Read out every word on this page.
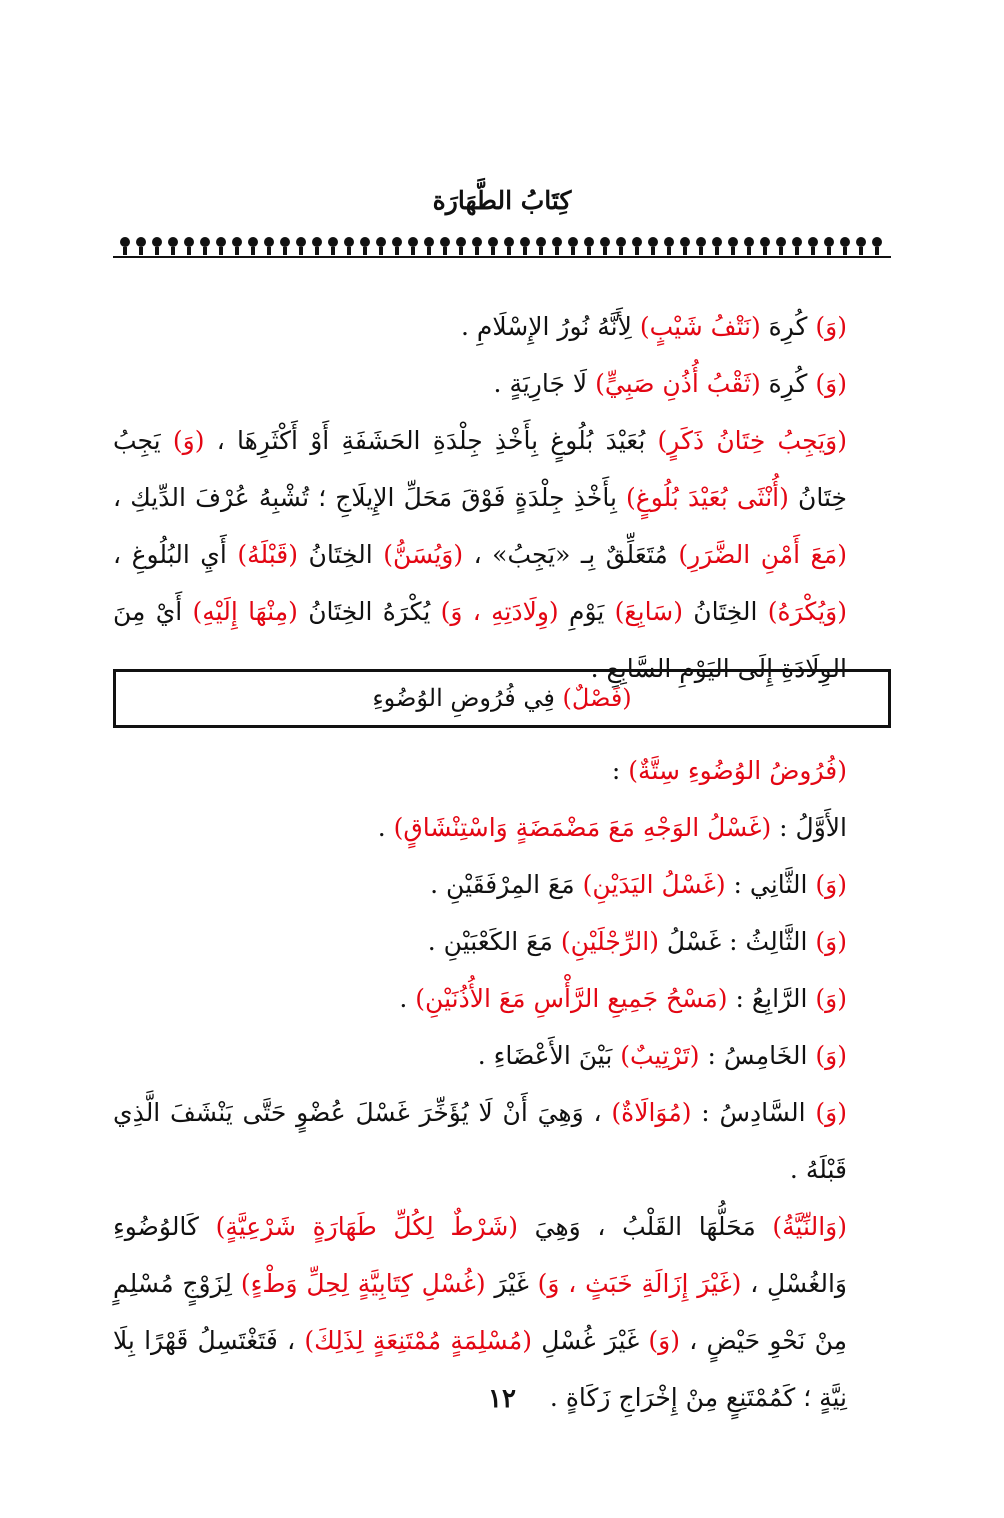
كِتَابُ الطَّهَارَة
(وَ) كُرِهَ (نَتْفُ شَيْبٍ) لِأَنَّهُ نُورُ الإِسْلَامِ .
(وَ) كُرِهَ (ثَقْبُ أُذُنِ صَبِيٍّ) لَا جَارِيَةٍ .
(وَيَجِبُ خِتَانُ ذَكَرٍ) بُعَيْدَ بُلُوغٍ بِأَخْذِ جِلْدَةِ الحَشَفَةِ أَوْ أَكْثَرِهَا ، (وَ) يَجِبُ خِتَانُ (أُنْثَى بُعَيْدَ بُلُوغٍ) بِأَخْذِ جِلْدَةٍ فَوْقَ مَحَلِّ الإِيلَاجِ ؛ تُشْبِهُ عُرْفَ الدِّيكِ ، (مَعَ أَمْنِ الضَّرَرِ) مُتَعَلِّقٌ بِـ «يَجِبُ» ، (وَيُسَنُّ) الخِتَانُ (قَبْلَهُ) أَيِ البُلُوغِ ، (وَيُكْرَهُ) الخِتَانُ (سَابِعَ) يَوْمِ (وِلَادَتِهِ ، وَ) يُكْرَهُ الخِتَانُ (مِنْهَا إِلَيْهِ) أَيْ مِنَ الوِلَادَةِ إِلَى اليَوْمِ السَّابِعِ .
(فَصْلٌ) فِي فُرُوضِ الوُضُوءِ
(فُرُوضُ الوُضُوءِ سِتَّةٌ) :
الأَوَّلُ : (غَسْلُ الوَجْهِ مَعَ مَضْمَضَةٍ وَاسْتِنْشَاقٍ) .
(وَ) الثَّانِي : (غَسْلُ اليَدَيْنِ) مَعَ المِرْفَقَيْنِ .
(وَ) الثَّالِثُ : غَسْلُ (الرِّجْلَيْنِ) مَعَ الكَعْبَيْنِ .
(وَ) الرَّابِعُ : (مَسْحُ جَمِيعِ الرَّأْسِ مَعَ الأُذُنَيْنِ) .
(وَ) الخَامِسُ : (تَرْتِيبٌ) بَيْنَ الأَعْضَاءِ .
(وَ) السَّادِسُ : (مُوَالَاةٌ) ، وَهِيَ أَنْ لَا يُؤَخِّرَ غَسْلَ عُضْوٍ حَتَّى يَنْشَفَ الَّذِي قَبْلَهُ .
(وَالنِّيَّةُ) مَحَلُّهَا القَلْبُ ، وَهِيَ (شَرْطٌ لِكُلِّ طَهَارَةٍ شَرْعِيَّةٍ) كَالوُضُوءِ وَالغُسْلِ ، (غَيْرَ إِزَالَةِ خَبَثٍ ، وَ) غَيْرَ (غُسْلِ كِتَابِيَّةٍ لِحِلِّ وَطْءٍ) لِزَوْجٍ مُسْلِمٍ مِنْ نَحْوِ حَيْضٍ ، (وَ) غَيْرَ غُسْلِ (مُسْلِمَةٍ مُمْتَنِعَةٍ لِذَلِكَ) ، فَتَغْتَسِلُ قَهْرًا بِلَا نِيَّةٍ ؛ كَمُمْتَنِعٍ مِنْ إِخْرَاجِ زَكَاةٍ .
١٢
